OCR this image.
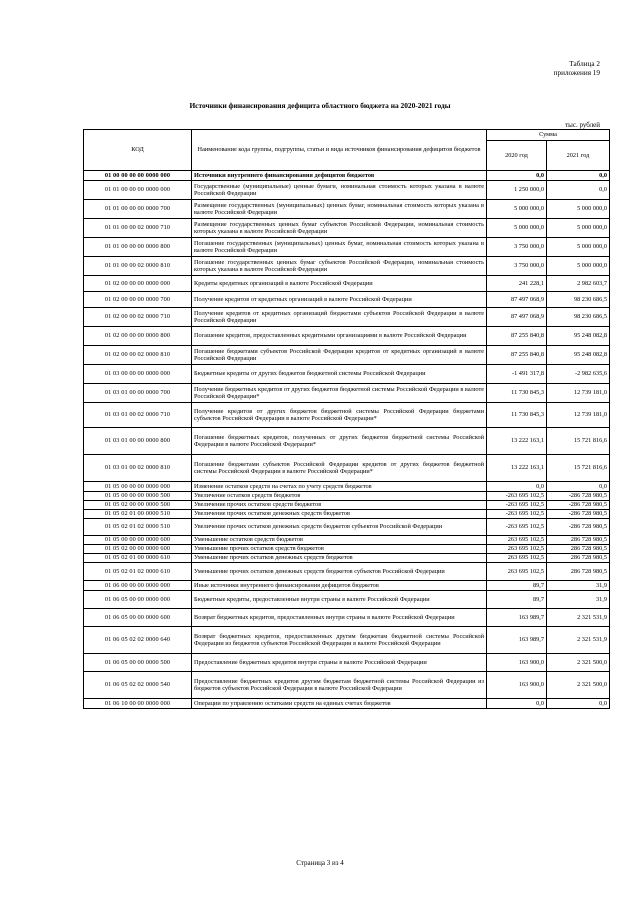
Таблица 2
приложения 19
Источники финансирования дефицита областного бюджета на 2020-2021 годы
тыс. рублей
КОД	Наименование кода группы, подгруппы, статьи и вида источников финансирования дефицитов бюджетов	Сумма	
		2020 год	2021 год
01 00 00 00 00 0000 000	Источники внутреннего финансирования дефицитов бюджетов	0,0	0,0
01 01 00 00 00 0000 000	Государственные (муниципальные) ценные бумаги, номинальная стоимость которых указана в валюте Российской Федерации	1 250 000,0	0,0
01 01 00 00 00 0000 700	Размещение государственных (муниципальных) ценных бумаг, номинальная стоимость которых указана в валюте Российской Федерации	5 000 000,0	5 000 000,0
01 01 00 00 02 0000 710	Размещение государственных ценных бумаг субъектов Российской Федерации, номинальная стоимость которых указана в валюте Российской Федерации	5 000 000,0	5 000 000,0
01 01 00 00 00 0000 800	Погашение государственных (муниципальных) ценных бумаг, номинальная стоимость которых указана в валюте Российской Федерации	3 750 000,0	5 000 000,0
01 01 00 00 02 0000 810	Погашение государственных ценных бумаг субъектов Российской Федерации, номинальная стоимость которых указана в валюте Российской Федерации	3 750 000,0	5 000 000,0
01 02 00 00 00 0000 000	Кредиты кредитных организаций в валюте Российской Федерации	241 228,1	2 982 603,7
01 02 00 00 00 0000 700	Получение кредитов от кредитных организаций в валюте Российской Федерации	87 497 068,9	98 230 686,5
01 02 00 00 02 0000 710	Получение кредитов от кредитных организаций бюджетами субъектов Российской Федерации в валюте Российской Федерации	87 497 068,9	98 230 686,5
01 02 00 00 00 0000 800	Погашение кредитов, предоставленных кредитными организациями в валюте Российской Федерации	87 255 840,8	95 248 082,8
01 02 00 00 02 0000 810	Погашение бюджетами субъектов Российской Федерации кредитов от кредитных организаций в валюте Российской Федерации	87 255 840,8	95 248 082,8
01 03 00 00 00 0000 000	Бюджетные кредиты от других бюджетов бюджетной системы Российской Федерации	-1 491 317,8	-2 982 635,6
01 03 01 00 00 0000 700	Получение бюджетных кредитов от других бюджетов бюджетной системы Российской Федерации в валюте Российской Федерации*	11 730 845,3	12 739 181,0
01 03 01 00 02 0000 710	Получение кредитов от других бюджетов бюджетной системы Российской Федерации бюджетами субъектов Российской Федерации в валюте Российской Федерации*	11 730 845,3	12 739 181,0
01 03 01 00 00 0000 800	Погашение бюджетных кредитов, полученных от других бюджетов бюджетной системы Российской Федерации в валюте Российской Федерации*	13 222 163,1	15 721 816,6
01 03 01 00 02 0000 810	Погашение бюджетами субъектов Российской Федерации кредитов от других бюджетов бюджетной системы Российской Федерации в валюте Российской Федерации*	13 222 163,1	15 721 816,6
01 05 00 00 00 0000 000	Изменение остатков средств на счетах по учету средств бюджетов	0,0	0,0
01 05 00 00 00 0000 500	Увеличение остатков средств бюджетов	-263 695 102,5	-286 728 980,5
01 05 02 00 00 0000 500	Увеличение прочих остатков средств бюджетов	-263 695 102,5	-286 728 980,5
01 05 02 01 00 0000 510	Увеличение прочих остатков денежных средств бюджетов	-263 695 102,5	-286 728 980,5
01 05 02 01 02 0000 510	Увеличение прочих остатков денежных средств бюджетов субъектов Российской Федерации	-263 695 102,5	-286 728 980,5
01 05 00 00 00 0000 600	Уменьшение остатков средств бюджетов	263 695 102,5	286 728 980,5
01 05 02 00 00 0000 600	Уменьшение прочих остатков средств бюджетов	263 695 102,5	286 728 980,5
01 05 02 01 00 0000 610	Уменьшение прочих остатков денежных средств бюджетов	263 695 102,5	286 728 980,5
01 05 02 01 02 0000 610	Уменьшение прочих остатков денежных средств бюджетов субъектов Российской Федерации	263 695 102,5	286 728 980,5
01 06 00 00 00 0000 000	Иные источники внутреннего финансирования дефицитов бюджетов	89,7	31,9
01 06 05 00 00 0000 000	Бюджетные кредиты, предоставленные внутри страны в валюте Российской Федерации	89,7	31,9
01 06 05 00 00 0000 600	Возврат бюджетных кредитов, предоставленных внутри страны в валюте Российской Федерации	163 989,7	2 321 531,9
01 06 05 02 02 0000 640	Возврат бюджетных кредитов, предоставленных другим бюджетам бюджетной системы Российской Федерации из бюджетов субъектов Российской Федерации в валюте Российской Федерации	163 989,7	2 321 531,9
01 06 05 00 00 0000 500	Предоставление бюджетных кредитов внутри страны в валюте Российской Федерации	163 900,0	2 321 500,0
01 06 05 02 02 0000 540	Предоставление бюджетных кредитов другим бюджетам бюджетной системы Российской Федерации из бюджетов субъектов Российской Федерации в валюте Российской Федерации	163 900,0	2 321 500,0
01 06 10 00 00 0000 000	Операции по управлению остатками средств на единых счетах бюджетов	0,0	0,0
Страница 3 из 4
